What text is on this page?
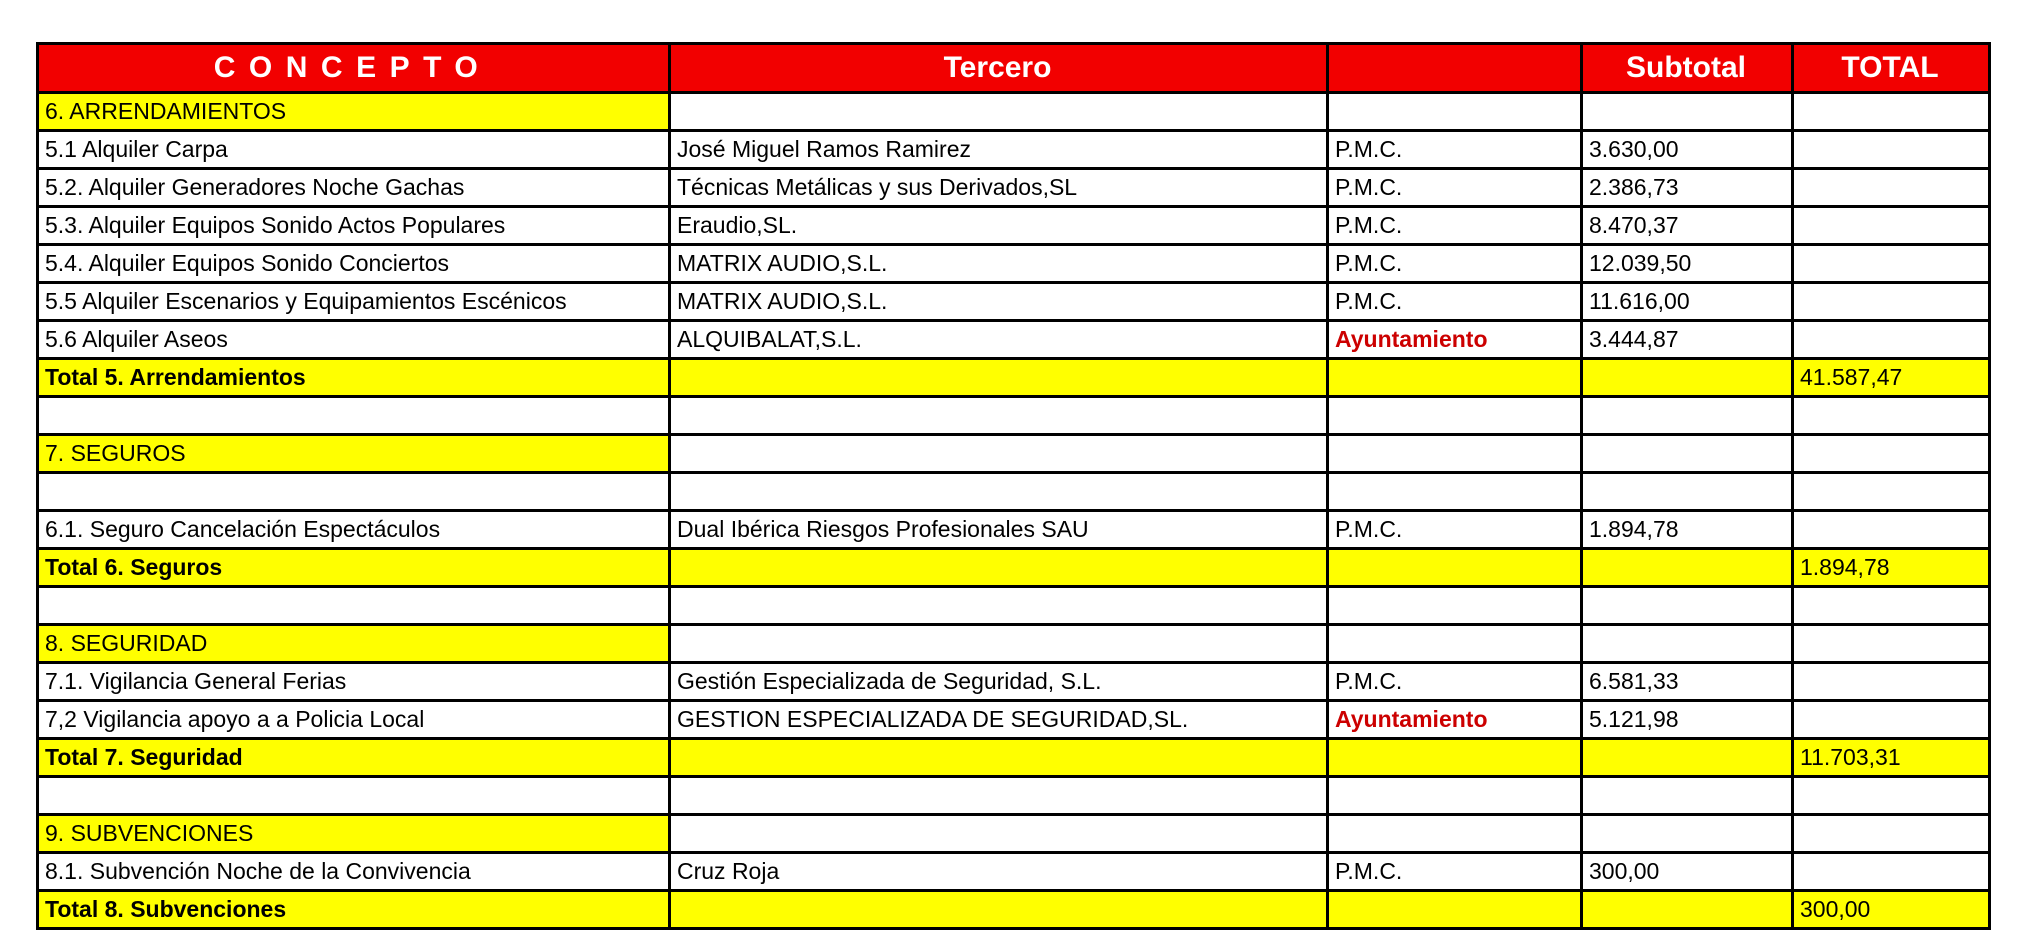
CONCEPTO	Tercero		Subtotal	TOTAL
6. ARRENDAMIENTOS				
5.1 Alquiler Carpa	José Miguel Ramos Ramirez	P.M.C.	3.630,00	
5.2. Alquiler Generadores Noche Gachas	Técnicas Metálicas y sus Derivados,SL	P.M.C.	2.386,73	
5.3. Alquiler Equipos Sonido Actos Populares	Eraudio,SL.	P.M.C.	8.470,37	
5.4. Alquiler Equipos Sonido Conciertos	MATRIX AUDIO,S.L.	P.M.C.	12.039,50	
5.5 Alquiler Escenarios y Equipamientos Escénicos	MATRIX AUDIO,S.L.	P.M.C.	11.616,00	
5.6 Alquiler Aseos	ALQUIBALAT,S.L.	Ayuntamiento	3.444,87	
Total 5. Arrendamientos				41.587,47

7. SEGUROS				

6.1. Seguro Cancelación Espectáculos	Dual Ibérica Riesgos Profesionales SAU	P.M.C.	1.894,78	
Total 6. Seguros				1.894,78

8. SEGURIDAD				
7.1. Vigilancia General Ferias	Gestión Especializada de Seguridad, S.L.	P.M.C.	6.581,33	
7,2 Vigilancia apoyo a a Policia Local	GESTION ESPECIALIZADA DE SEGURIDAD,SL.	Ayuntamiento	5.121,98	
Total 7. Seguridad				11.703,31

9. SUBVENCIONES				
8.1. Subvención Noche de la Convivencia	Cruz Roja	P.M.C.	300,00	
Total 8. Subvenciones				300,00
